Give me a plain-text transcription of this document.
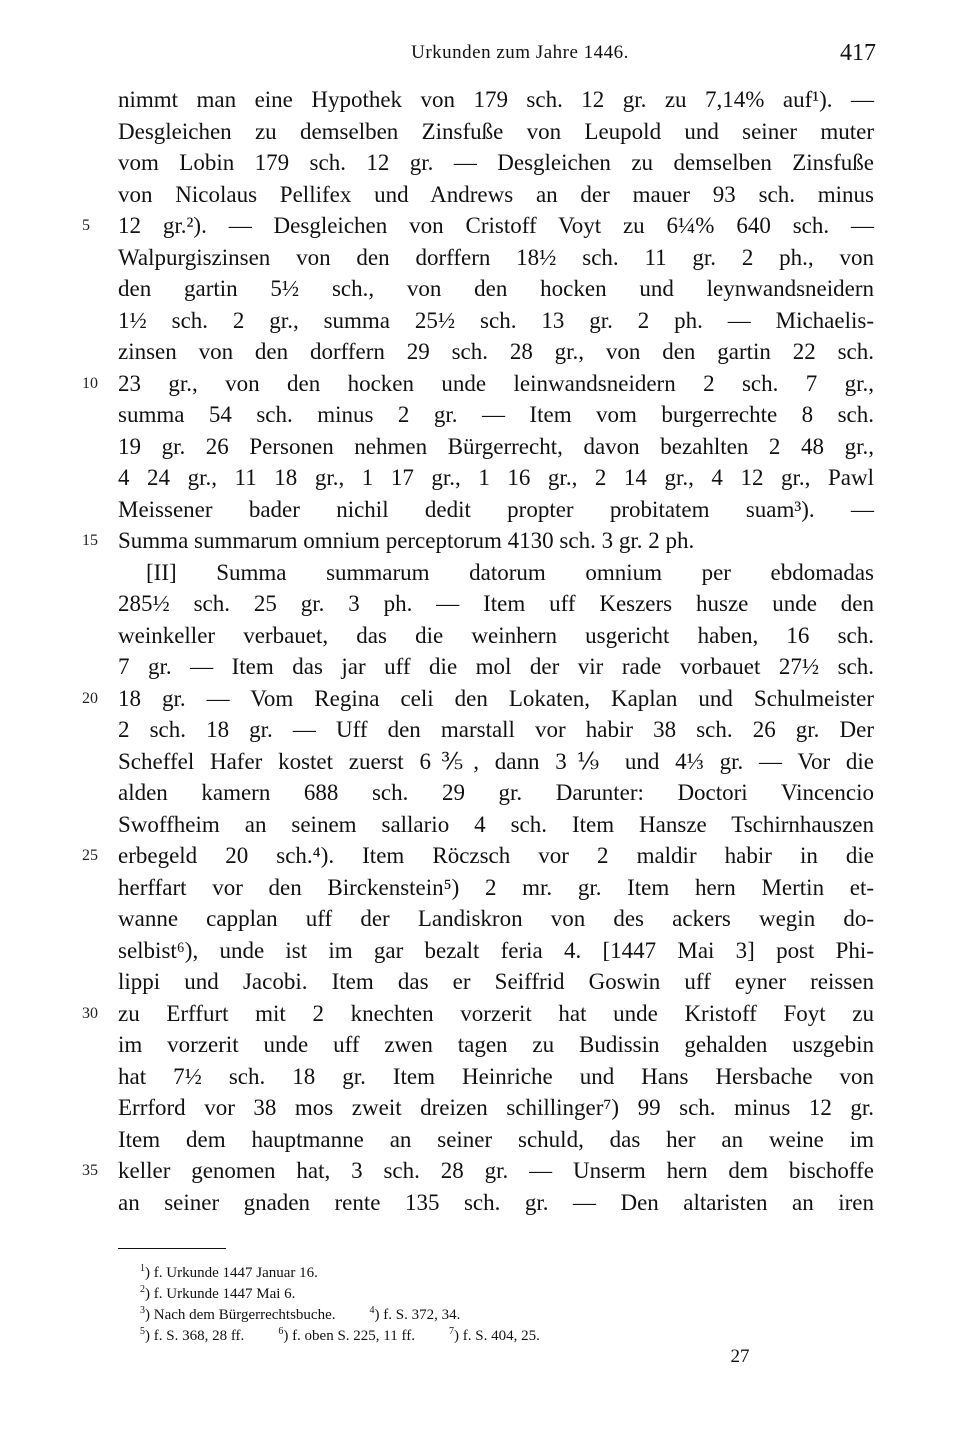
Urkunden zum Jahre 1446.	417
nimmt man eine Hypothek von 179 sch. 12 gr. zu 7,14% auf¹). —
Desgleichen zu demselben Zinsfuße von Leupold und seiner muter
vom Lobin 179 sch. 12 gr. — Desgleichen zu demselben Zinsfuße
von Nicolaus Pellifex und Andrews an der mauer 93 sch. minus
5	12 gr.²). — Desgleichen von Cristoff Voyt zu 6¼% 640 sch. —
Walpurgiszinsen von den dorffern 18½ sch. 11 gr. 2 ph., von
den gartin 5½ sch., von den hocken und leynwandsneidern
1½ sch. 2 gr., summa 25½ sch. 13 gr. 2 ph. — Michaelis-
zinsen von den dorffern 29 sch. 28 gr., von den gartin 22 sch.
10 23 gr., von den hocken unde leinwandsneidern 2 sch. 7 gr.,
summa 54 sch. minus 2 gr. — Item vom burgerrechte 8 sch.
19 gr. 26 Personen nehmen Bürgerrecht, davon bezahlten 2 48 gr.,
4 24 gr., 11 18 gr., 1 17 gr., 1 16 gr., 2 14 gr., 4 12 gr., Pawl
Meissener bader nichil dedit propter probitatem suam³). —
15 Summa summarum omnium perceptorum 4130 sch. 3 gr. 2 ph.
[II] Summa summarum datorum omnium per ebdomadas
285½ sch. 25 gr. 3 ph. — Item uff Keszers husze unde den
weinkeller verbauet, das die weinhern usgericht haben, 16 sch.
7 gr. — Item das jar uff die mol der vir rade vorbauet 27½ sch.
20 18 gr. — Vom Regina celi den Lokaten, Kaplan und Schulmeister
2 sch. 18 gr. — Uff den marstall vor habir 38 sch. 26 gr. Der
Scheffel Hafer kostet zuerst 6⅗, dann 3⅑ und 4⅓ gr. — Vor die
alden kamern 688 sch. 29 gr. Darunter: Doctori Vincencio
Swoffheim an seinem sallario 4 sch. Item Hansze Tschirnhauszen
25 erbegeld 20 sch.⁴). Item Röczsch vor 2 maldir habir in die
herffart vor den Birckenstein⁵) 2 mr. gr. Item hern Mertin et-
wanne capplan uff der Landiskron von des ackers wegin do-
selbist⁶), unde ist im gar bezalt feria 4. [1447 Mai 3] post Phi-
lippi und Jacobi. Item das er Seiffrid Goswin uff eyner reissen
30 zu Erffurt mit 2 knechten vorzerit hat unde Kristoff Foyt zu
im vorzerit unde uff zwen tagen zu Budissin gehalden uszgebin
hat 7½ sch. 18 gr. Item Heinriche und Hans Hersbache von
Errford vor 38 mos zweit dreizen schillinger⁷) 99 sch. minus 12 gr.
Item dem hauptmanne an seiner schuld, das her an weine im
35 keller genomen hat, 3 sch. 28 gr. — Unserm hern dem bischoffe
an seiner gnaden rente 135 sch. gr. — Den altaristen an iren
$^1$) f. Urkunde 1447 Januar 16.
$^2$) f. Urkunde 1447 Mai 6.
$^3$) Nach dem Bürgerrechtsbuche.	$^4$) f. S. 372, 34.
$^5$) f. S. 368, 28 ff.	$^6$) f. oben S. 225, 11 ff.	$^7$) f. S. 404, 25.
27
